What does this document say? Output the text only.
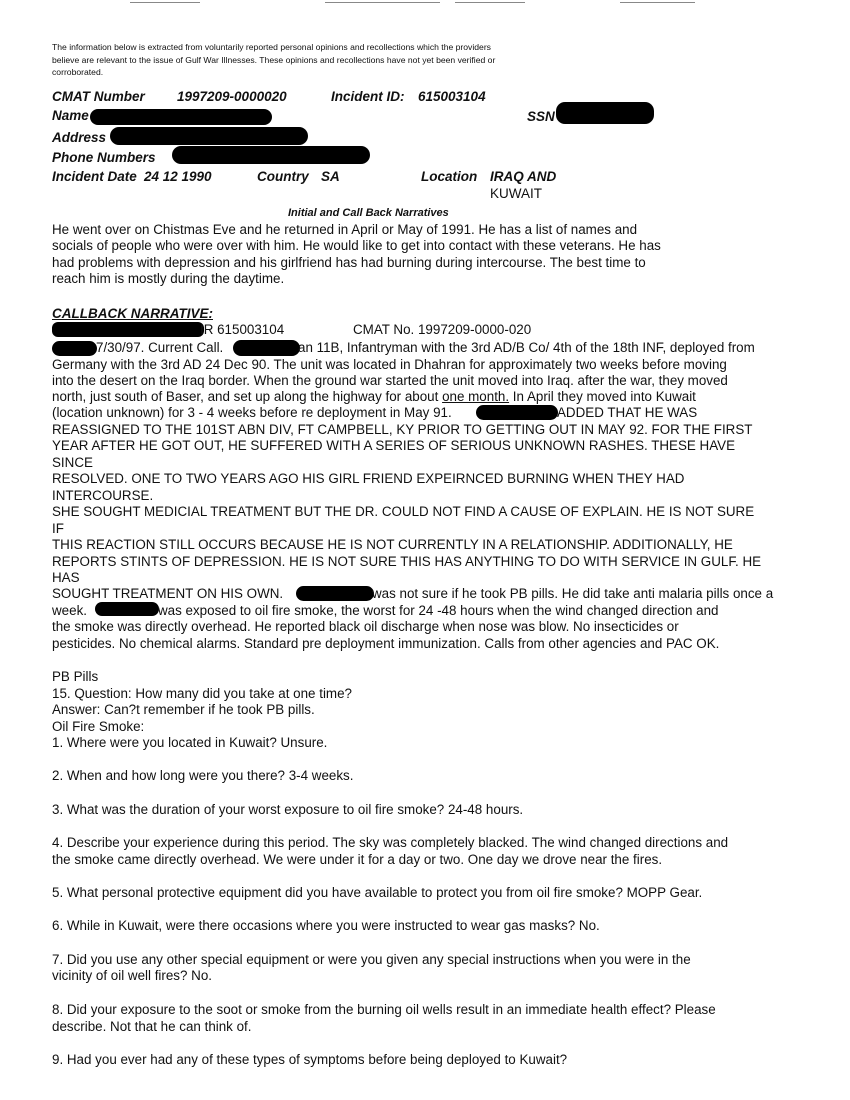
The information below is extracted from voluntarily reported personal opinions and recollections which the providers
believe are relevant to the issue of Gulf War Illnesses. These opinions and recollections have not yet been verified or
corroborated.
CMAT Number 1997209-0000020	Incident ID: 615003104
Name	SSN
Address
Phone Numbers
Incident Date 24 12 1990	Country SA	Location IRAQ AND
KUWAIT
Initial and Call Back Narratives
He went over on Chistmas Eve and he returned in April or May of 1991. He has a list of names and
socials of people who were over with him. He would like to get into contact with these veterans. He has
had problems with depression and his girlfriend has had burning during intercourse. The best time to
reach him is mostly during the daytime.
CALLBACK NARRATIVE:
IR 615003104	CMAT No. 1997209-0000-020
7/30/97. Current Call.	an 11B, Infantryman with the 3rd AD/B Co/ 4th of the 18th INF, deployed from
Germany with the 3rd AD 24 Dec 90. The unit was located in Dhahran for approximately two weeks before moving
into the desert on the Iraq border. When the ground war started the unit moved into Iraq. after the war, they moved
north, just south of Baser, and set up along the highway for about one month. In April they moved into Kuwait
(location unknown) for 3 - 4 weeks before re deployment in May 91.	ADDED THAT HE WAS
REASSIGNED TO THE 101ST ABN DIV, FT CAMPBELL, KY PRIOR TO GETTING OUT IN MAY 92. FOR THE FIRST
YEAR AFTER HE GOT OUT, HE SUFFERED WITH A SERIES OF SERIOUS UNKNOWN RASHES. THESE HAVE
SINCE
RESOLVED. ONE TO TWO YEARS AGO HIS GIRL FRIEND EXPEIRNCED BURNING WHEN THEY HAD
INTERCOURSE.
SHE SOUGHT MEDICIAL TREATMENT BUT THE DR. COULD NOT FIND A CAUSE OF EXPLAIN. HE IS NOT SURE
IF
THIS REACTION STILL OCCURS BECAUSE HE IS NOT CURRENTLY IN A RELATIONSHIP. ADDITIONALLY, HE
REPORTS STINTS OF DEPRESSION. HE IS NOT SURE THIS HAS ANYTHING TO DO WITH SERVICE IN GULF. HE
HAS
SOUGHT TREATMENT ON HIS OWN.	was not sure if he took PB pills. He did take anti malaria pills once a
week.	was exposed to oil fire smoke, the worst for 24 -48 hours when the wind changed direction and
the smoke was directly overhead. He reported black oil discharge when nose was blow. No insecticides or
pesticides. No chemical alarms. Standard pre deployment immunization. Calls from other agencies and PAC OK.
PB Pills
15. Question: How many did you take at one time?
Answer: Can?t remember if he took PB pills.
Oil Fire Smoke:
1. Where were you located in Kuwait? Unsure.
2. When and how long were you there? 3-4 weeks.
3. What was the duration of your worst exposure to oil fire smoke? 24-48 hours.
4. Describe your experience during this period. The sky was completely blacked. The wind changed directions and
the smoke came directly overhead. We were under it for a day or two. One day we drove near the fires.
5. What personal protective equipment did you have available to protect you from oil fire smoke? MOPP Gear.
6. While in Kuwait, were there occasions where you were instructed to wear gas masks? No.
7. Did you use any other special equipment or were you given any special instructions when you were in the
vicinity of oil well fires? No.
8. Did your exposure to the soot or smoke from the burning oil wells result in an immediate health effect? Please
describe. Not that he can think of.
9. Had you ever had any of these types of symptoms before being deployed to Kuwait?
